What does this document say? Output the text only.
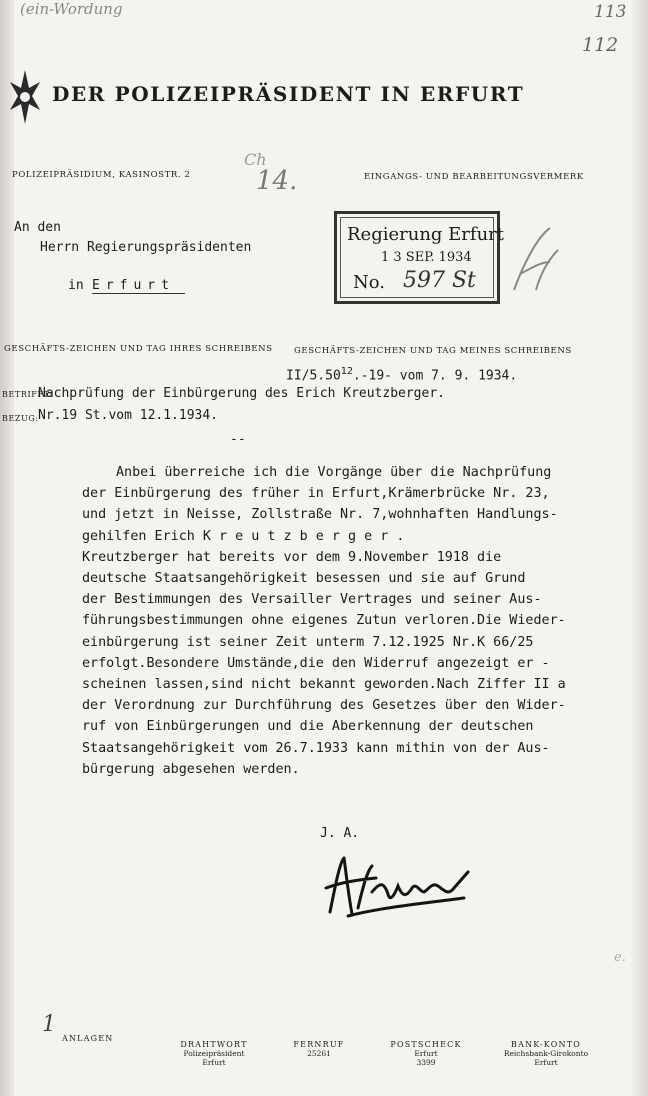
(ein-Wordung	113
112
DER POLIZEIPRÄSIDENT IN ERFURT
Ch
14.
POLIZEIPRÄSIDIUM, KASINOSTR. 2	EINGANGS- UND BEARBEITUNGSVERMERK
An den
Herrn Regierungspräsidenten
in Erfurt
Regierung Erfurt
1 3 SEP. 1934
No. 597 St
GESCHÄFTS-ZEICHEN UND TAG IHRES SCHREIBENS	GESCHÄFTS-ZEICHEN UND TAG MEINES SCHREIBENS
II/5.50$^{12}$.-19- vom 7. 9. 1934.
BETRIFFT:
Nachprüfung der Einbürgerung des Erich Kreutzberger.
BEZUG: Nr.19 St.vom 12.1.1934.
--
Anbei überreiche ich die Vorgänge über die Nachprüfung
der Einbürgerung des früher in Erfurt,Krämerbrücke Nr. 23,
und jetzt in Neisse, Zollstraße Nr. 7,wohnhaften Handlungs-
gehilfen Erich K r e u t z b e r g e r .
Kreutzberger hat bereits vor dem 9.November 1918 die
deutsche Staatsangehörigkeit besessen und sie auf Grund
der Bestimmungen des Versailler Vertrages und seiner Aus-
führungsbestimmungen ohne eigenes Zutun verloren.Die Wieder-
einbürgerung ist seiner Zeit unterm 7.12.1925 Nr.K 66/25
erfolgt.Besondere Umstände,die den Widerruf angezeigt er -
scheinen lassen,sind nicht bekannt geworden.Nach Ziffer II a
der Verordnung zur Durchführung des Gesetzes über den Wider-
ruf von Einbürgerungen und die Aberkennung der deutschen
Staatsangehörigkeit vom 26.7.1933 kann mithin von der Aus-
bürgerung abgesehen werden.
J. A.
e.
1
ANLAGEN
DRAHTWORT
Polizeipräsident
Erfurt
FERNRUF
25261
POSTSCHECK
Erfurt
3399
BANK-KONTO
Reichsbank-Girokonto
Erfurt
